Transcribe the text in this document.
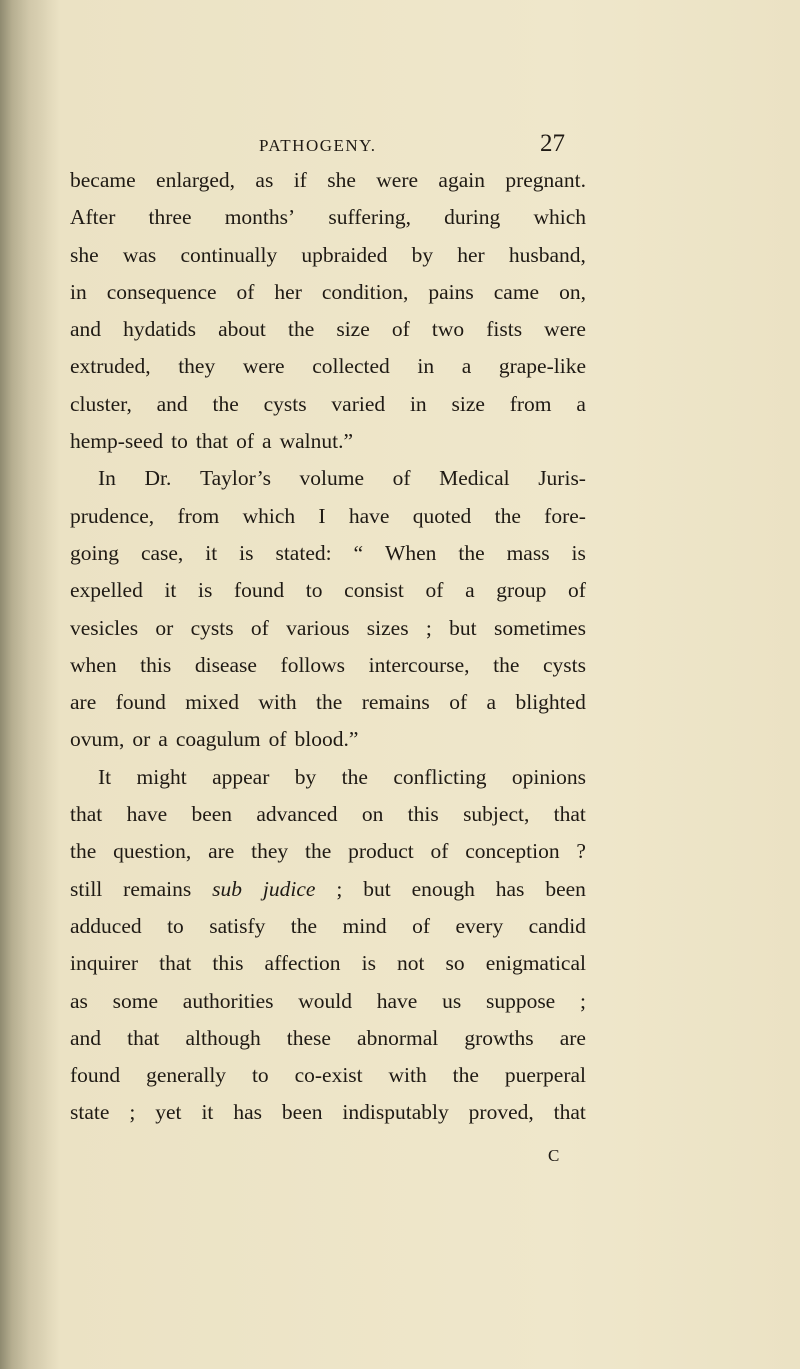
PATHOGENY.	27
became enlarged, as if she were again pregnant.
After three months’ suffering, during which
she was continually upbraided by her husband,
in consequence of her condition, pains came on,
and hydatids about the size of two fists were
extruded, they were collected in a grape-like
cluster, and the cysts varied in size from a
hemp-seed to that of a walnut.”
In Dr. Taylor’s volume of Medical Juris-
prudence, from which I have quoted the fore-
going case, it is stated: “ When the mass is
expelled it is found to consist of a group of
vesicles or cysts of various sizes ; but sometimes
when this disease follows intercourse, the cysts
are found mixed with the remains of a blighted
ovum, or a coagulum of blood.”
It might appear by the conflicting opinions
that have been advanced on this subject, that
the question, are they the product of conception ?
still remains sub judice ; but enough has been
adduced to satisfy the mind of every candid
inquirer that this affection is not so enigmatical
as some authorities would have us suppose ;
and that although these abnormal growths are
found generally to co-exist with the puerperal
state ; yet it has been indisputably proved, that
C
